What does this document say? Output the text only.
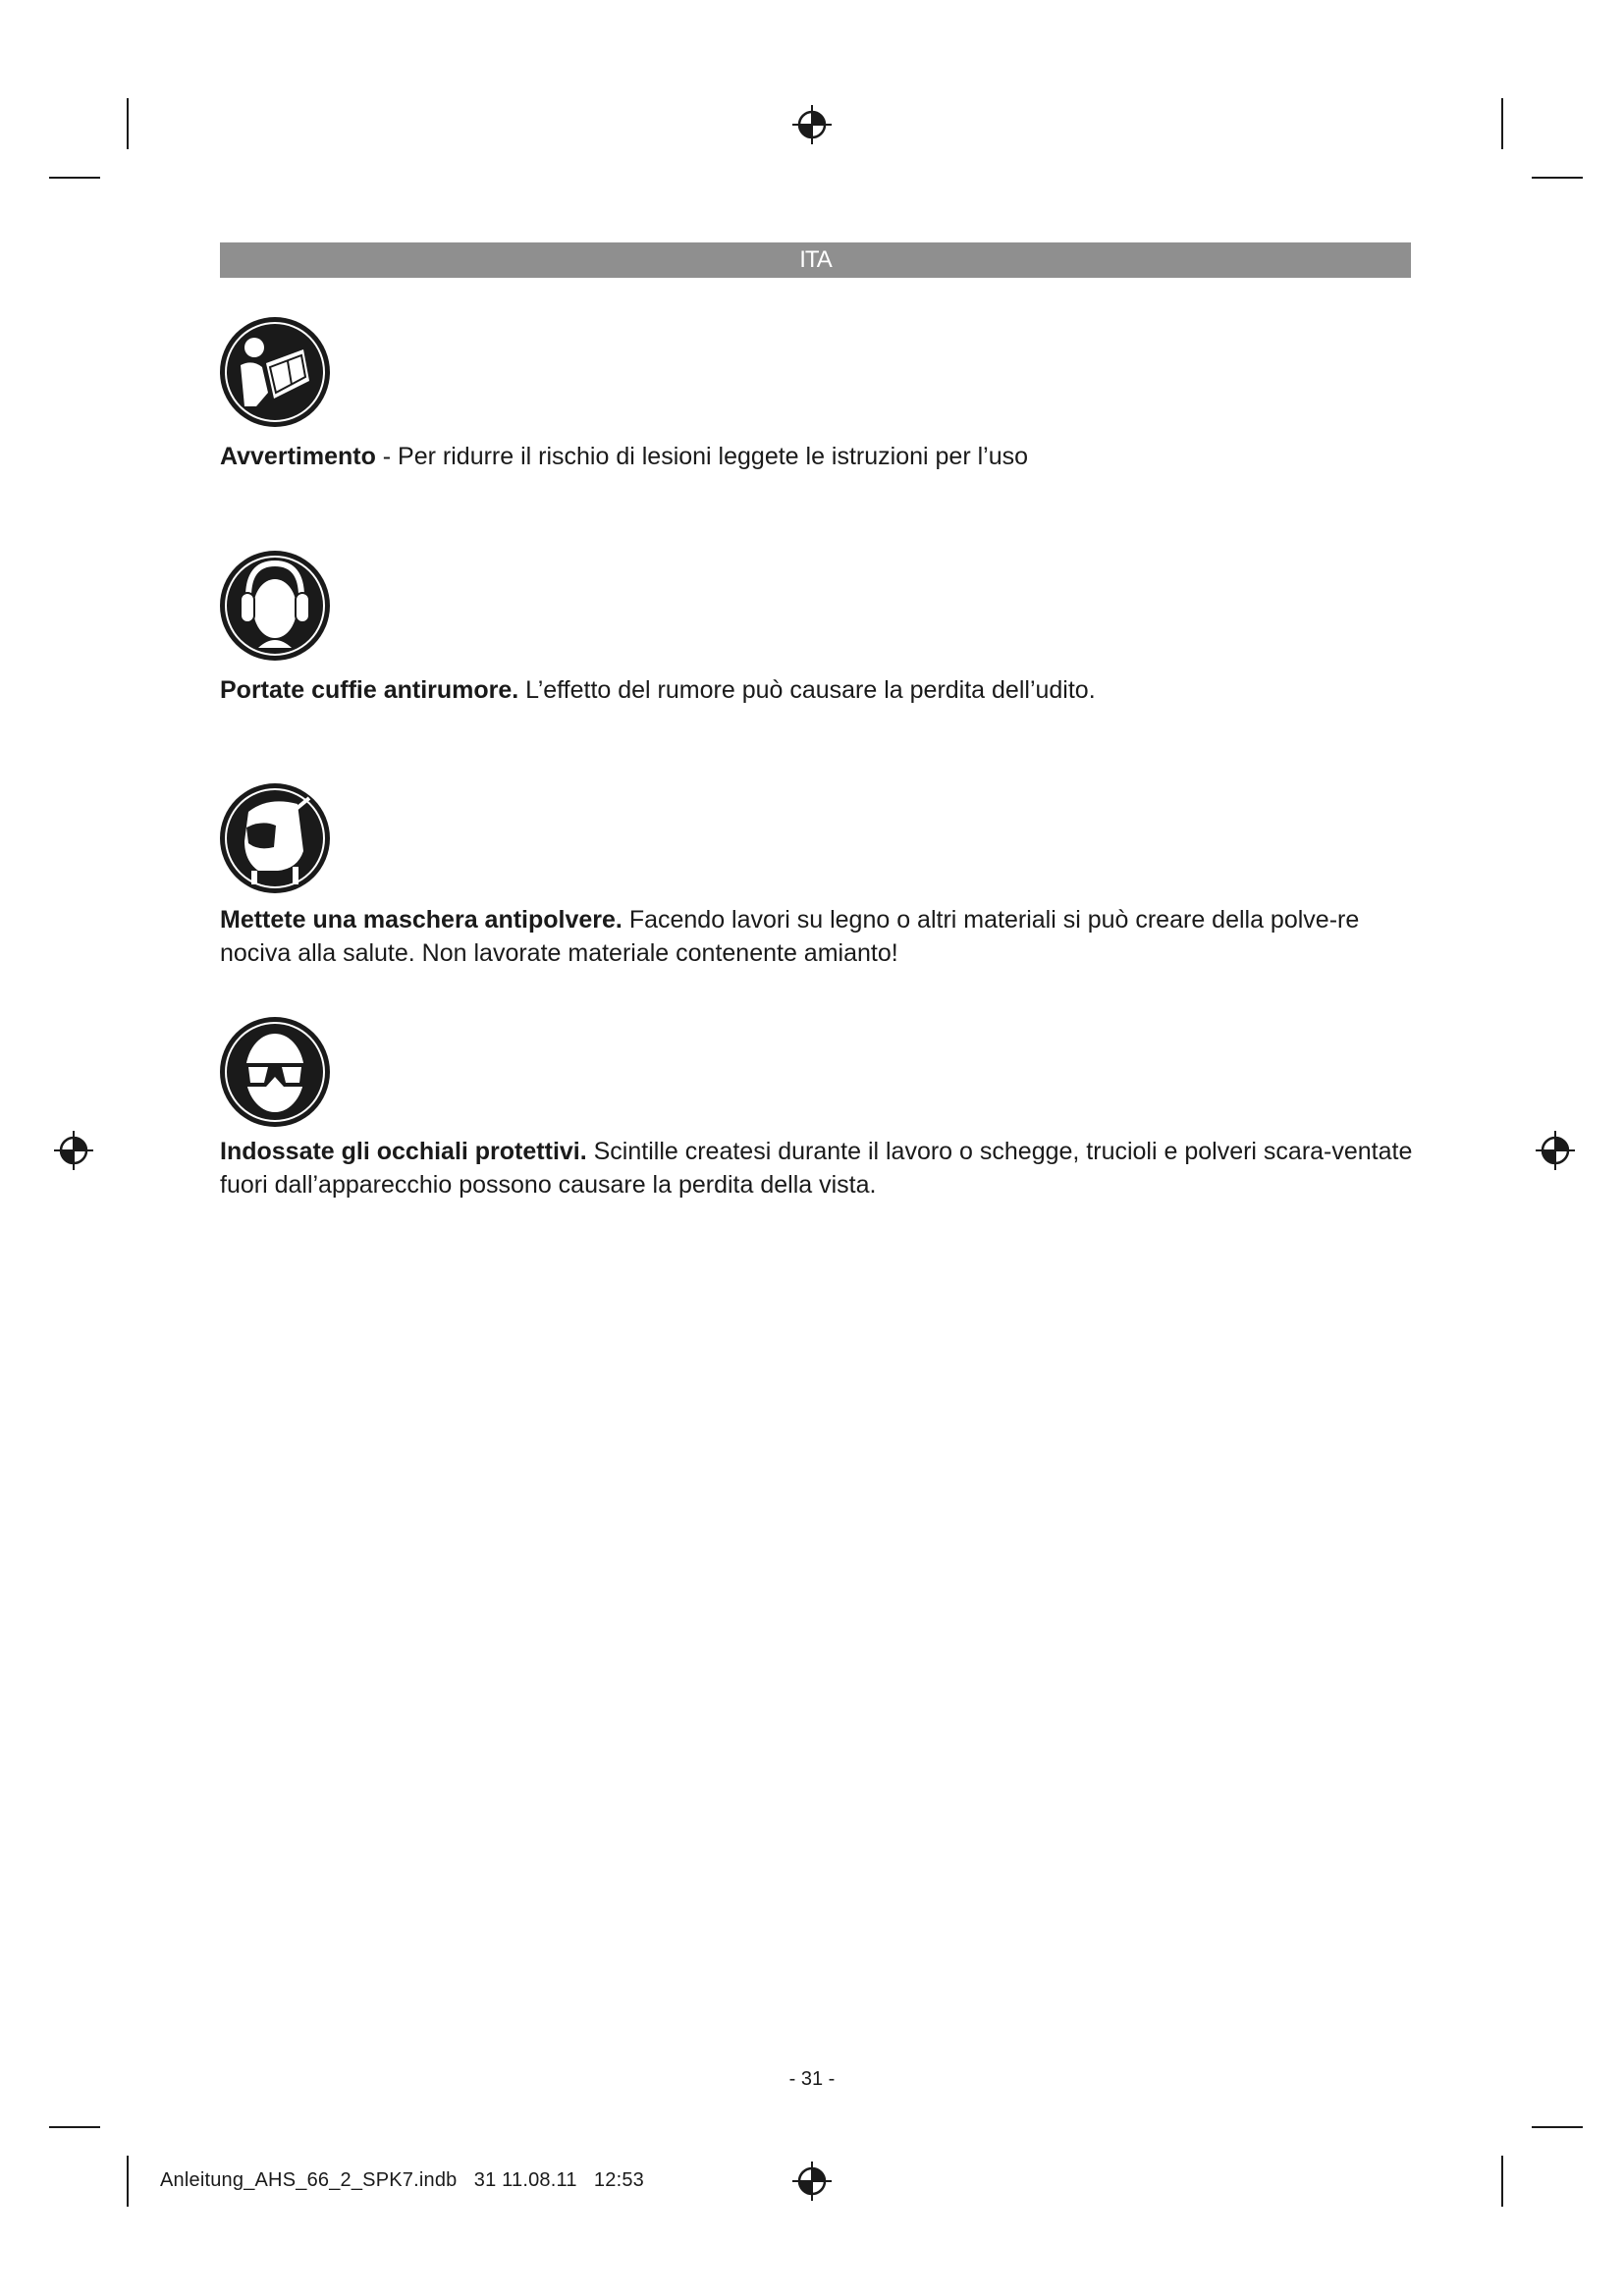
ITA
Avvertimento - Per ridurre il rischio di lesioni leggete le istruzioni per l’uso
Portate cuffie antirumore. L’effetto del rumore può causare la perdita dell’udito.
Mettete una maschera antipolvere. Facendo lavori su legno o altri materiali si può creare della polve-re nociva alla salute. Non lavorate materiale contenente amianto!
Indossate gli occhiali protettivi. Scintille createsi durante il lavoro o schegge, trucioli e polveri scara-ventate fuori dall’apparecchio possono causare la perdita della vista.
- 31 -
Anleitung_AHS_66_2_SPK7.indb   31 11.08.11   12:53
